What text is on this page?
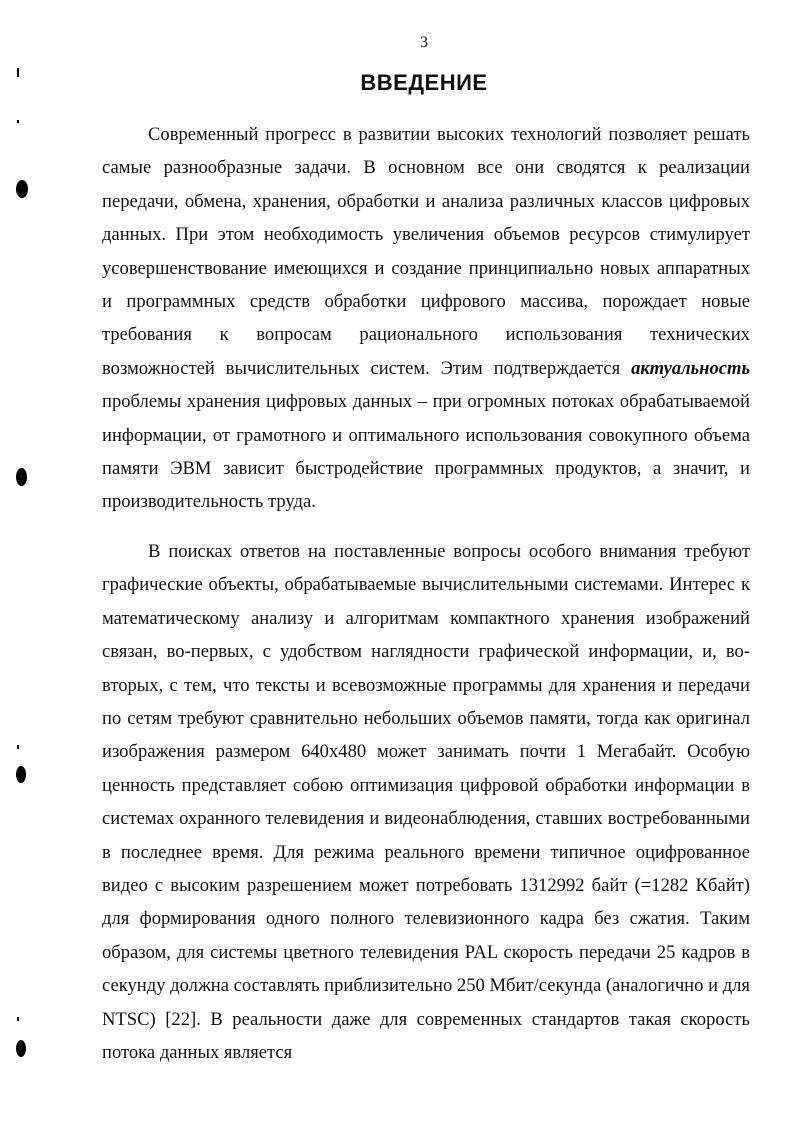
3
ВВЕДЕНИЕ

Современный прогресс в развитии высоких технологий позволяет решать самые разнообразные задачи. В основном все они сводятся к реализации передачи, обмена, хранения, обработки и анализа различных классов цифровых данных. При этом необходимость увеличения объемов ресурсов стимулирует усовершенствование имеющихся и создание принципиально новых аппаратных и программных средств обработки цифрового массива, порождает новые требования к вопросам рационального использования технических возможностей вычислительных систем. Этим подтверждается актуальность проблемы хранения цифровых данных – при огромных потоках обрабатываемой информации, от грамотного и оптимального использования совокупного объема памяти ЭВМ зависит быстродействие программных продуктов, а значит, и производительность труда.

В поисках ответов на поставленные вопросы особого внимания требуют графические объекты, обрабатываемые вычислительными системами. Интерес к математическому анализу и алгоритмам компактного хранения изображений связан, во-первых, с удобством наглядности графической информации, и, во-вторых, с тем, что тексты и всевозможные программы для хранения и передачи по сетям требуют сравнительно небольших объемов памяти, тогда как оригинал изображения размером 640х480 может занимать почти 1 Мегабайт. Особую ценность представляет собою оптимизация цифровой обработки информации в системах охранного телевидения и видеонаблюдения, ставших востребованными в последнее время. Для режима реального времени типичное оцифрованное видео с высоким разрешением может потребовать 1312992 байт (=1282 Кбайт) для формирования одного полного телевизионного кадра без сжатия. Таким образом, для системы цветного телевидения PAL скорость передачи 25 кадров в секунду должна составлять приблизительно 250 Мбит/секунда (аналогично и для NTSC) [22]. В реальности даже для современных стандартов такая скорость потока данных является
